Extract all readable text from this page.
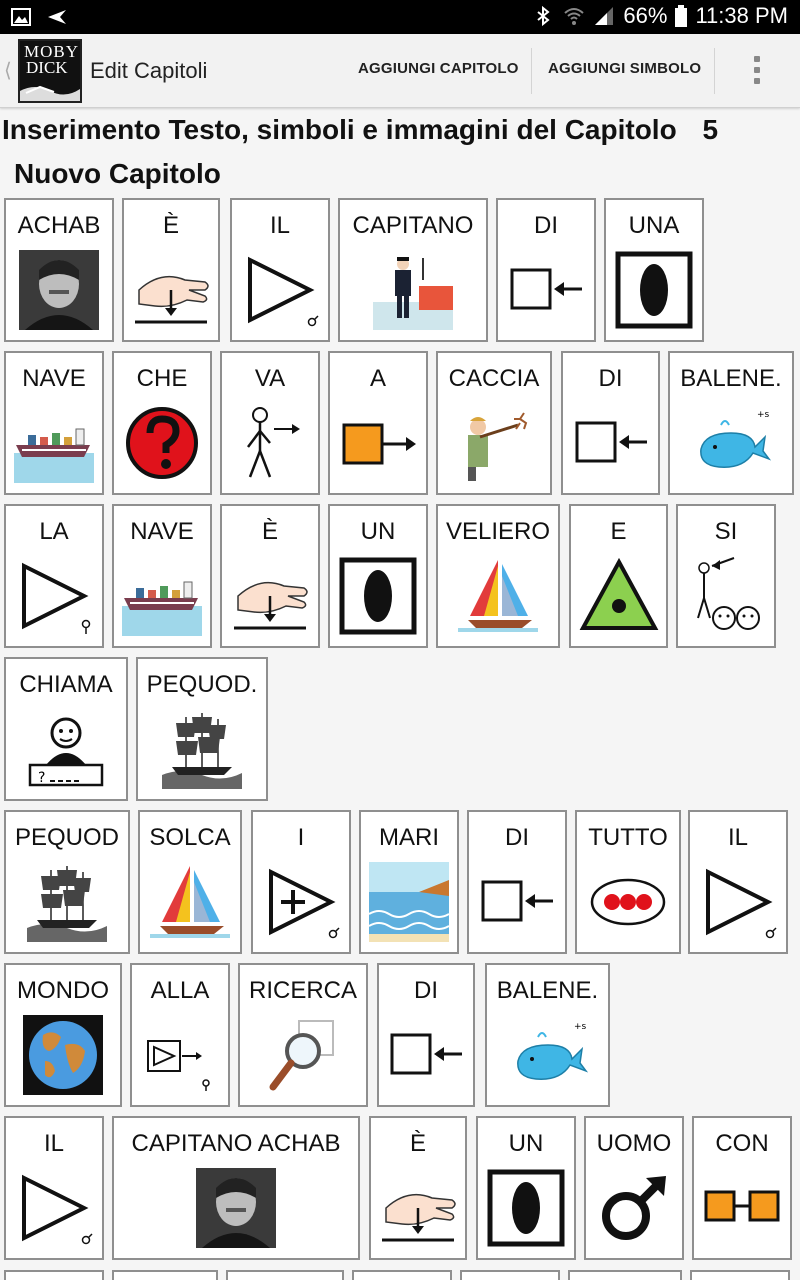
66% 11:38 PM
⟨
MOBY
DICK Edit Capitoli	AGGIUNGI CAPITOLO AGGIUNGI SIMBOLO
Inserimento Testo, simboli e immagini del Capitolo 5
Nuovo Capitolo
ACHAB	È	IL	CAPITANO	DI	UNA
NAVE	CHE	VA	A	CACCIA	DI	BALENE.
+s
LA	NAVE	È	UN	VELIERO	E	SI
CHIAMA
?
PEQUOD.
PEQUOD	SOLCA	I	MARI	DI	TUTTO	IL
MONDO	ALLA	RICERCA	DI	BALENE.
+s
IL	CAPITANO ACHAB	È	UN	UOMO	CON
